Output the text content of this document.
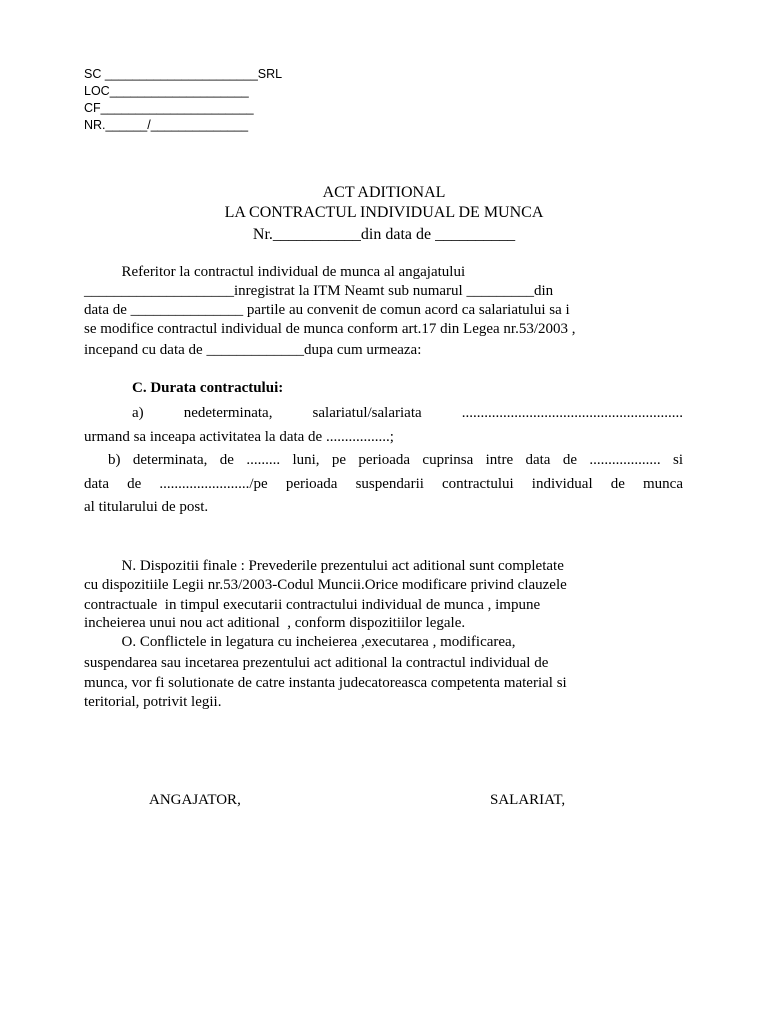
SC ______________________SRL
LOC____________________
CF______________________
NR.______/______________
ACT ADITIONAL
LA CONTRACTUL INDIVIDUAL DE MUNCA
Nr.___________din data de __________
Referitor la contractul individual de munca al angajatului
____________________inregistrat la ITM Neamt sub numarul _________din
data de _______________ partile au convenit de comun acord ca salariatului sa i
se modifice contractul individual de munca conform art.17 din Legea nr.53/2003 ,
incepand cu data de _____________dupa cum urmeaza:
C. Durata contractului:
a) nedeterminata, salariatul/salariata ...........................................................
urmand sa inceapa activitatea la data de .................;
b) determinata, de ......... luni, pe perioada cuprinsa intre data de ................... si
data de ......................../pe perioada suspendarii contractului individual de munca
al titularului de post.
N. Dispozitii finale : Prevederile prezentului act aditional sunt completate
cu dispozitiile Legii nr.53/2003-Codul Muncii.Orice modificare privind clauzele
contractuale  in timpul executarii contractului individual de munca , impune
incheierea unui nou act aditional  , conform dispozitiilor legale.
O. Conflictele in legatura cu incheierea ,executarea , modificarea,
suspendarea sau incetarea prezentului act aditional la contractul individual de
munca, vor fi solutionate de catre instanta judecatoreasca competenta material si
teritorial, potrivit legii.
ANGAJATOR,	SALARIAT,
